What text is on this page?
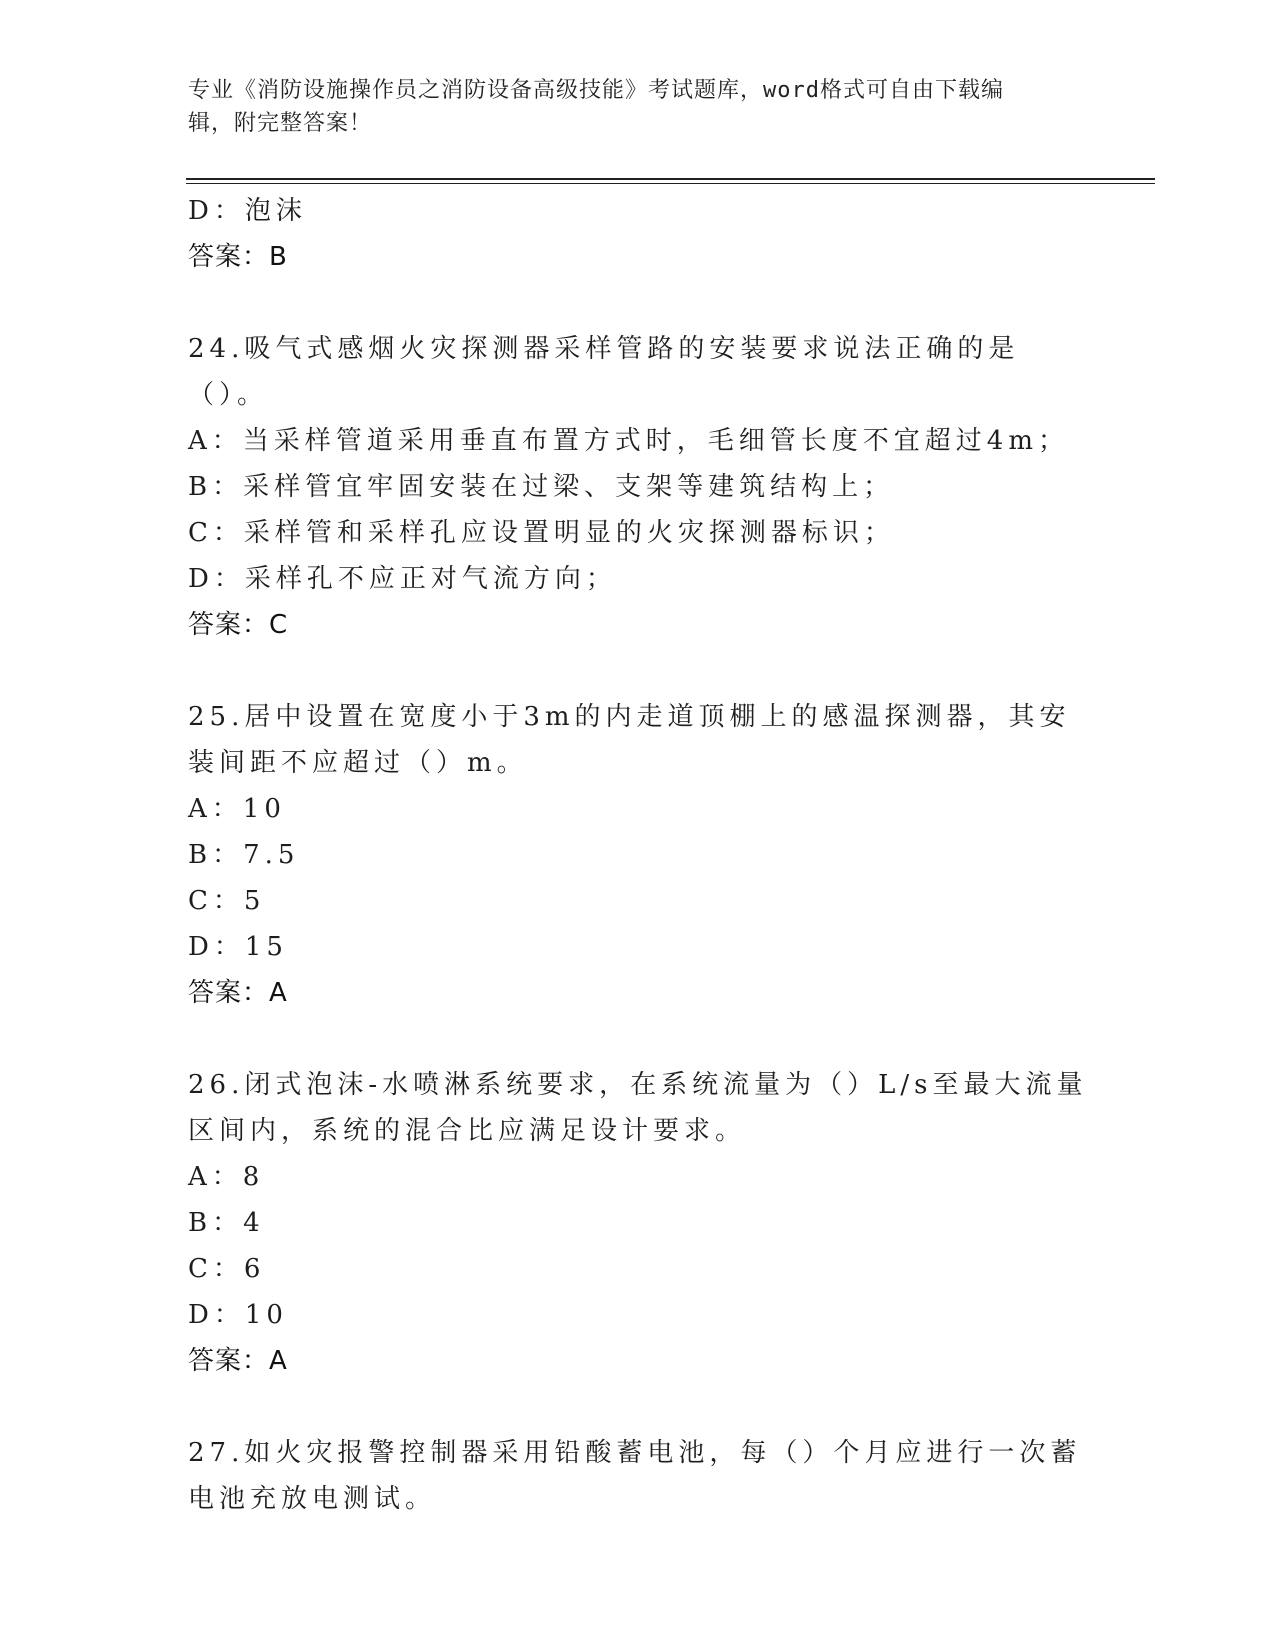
专业《消防设施操作员之消防设备高级技能》考试题库，word格式可自由下载编
辑，附完整答案！
D：泡沫
答案：B
24.吸气式感烟火灾探测器采样管路的安装要求说法正确的是（）。
A：当采样管道采用垂直布置方式时，毛细管长度不宜超过4m；
B：采样管宜牢固安装在过梁、支架等建筑结构上；
C：采样管和采样孔应设置明显的火灾探测器标识；
D：采样孔不应正对气流方向；
答案：C
25.居中设置在宽度小于3m的内走道顶棚上的感温探测器，其安装间距不应超过（）m。
A：10
B：7.5
C：5
D：15
答案：A
26.闭式泡沫-水喷淋系统要求，在系统流量为（）L/s至最大流量区间内，系统的混合比应满足设计要求。
A：8
B：4
C：6
D：10
答案：A
27.如火灾报警控制器采用铅酸蓄电池，每（）个月应进行一次蓄电池充放电测试。
